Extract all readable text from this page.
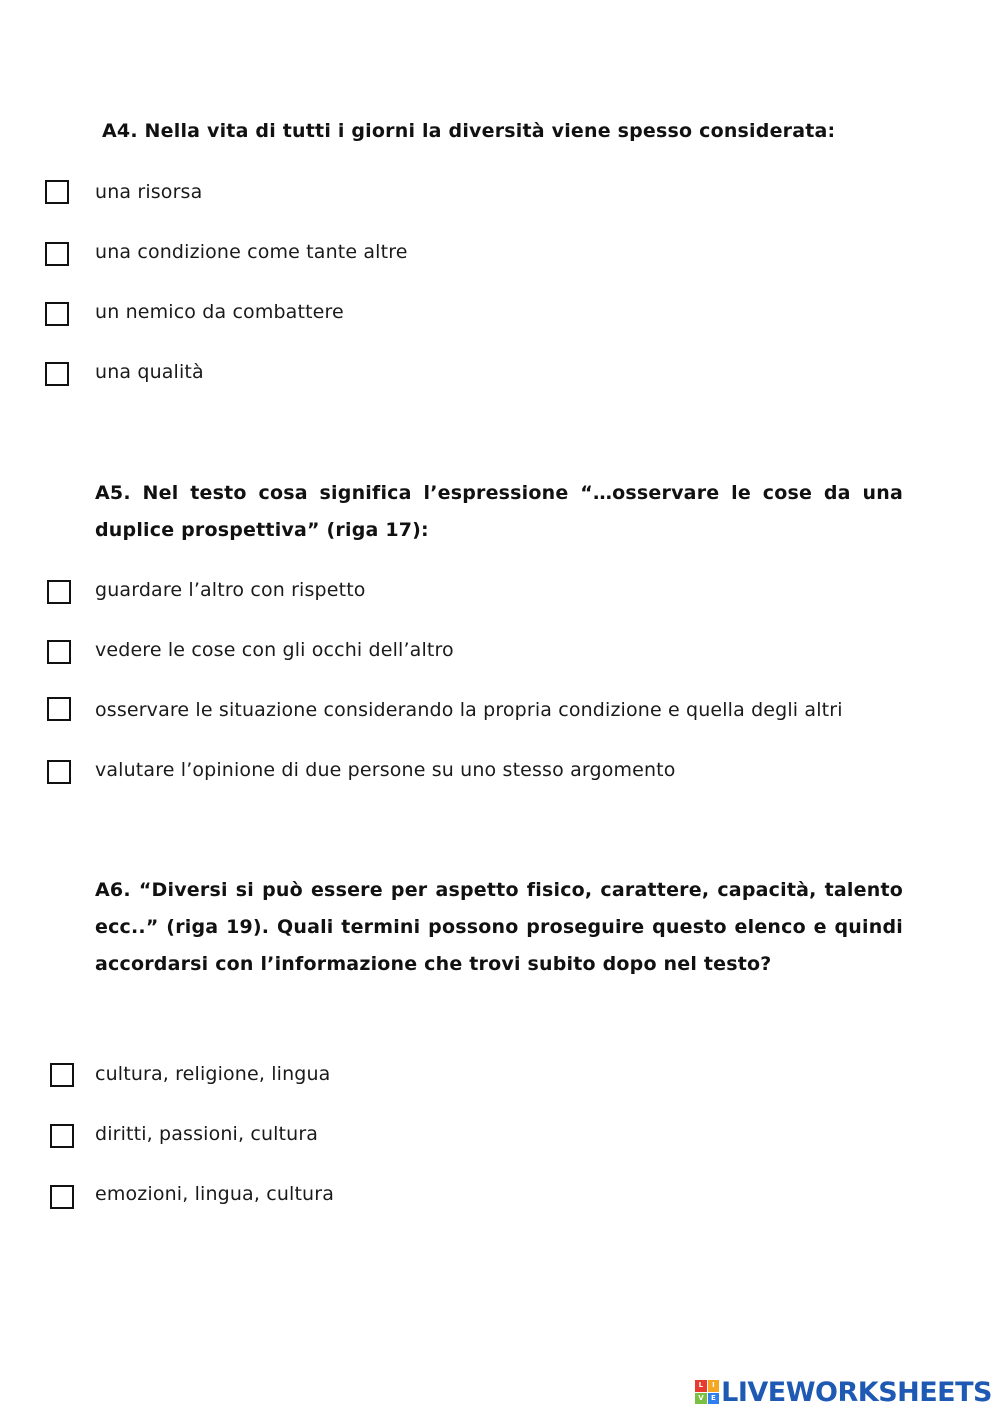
A4. Nella vita di tutti i giorni la diversità viene spesso considerata:
una risorsa
una condizione come tante altre
un nemico da combattere
una qualità
A5. Nel testo cosa significa l’espressione “…osservare le cose da una duplice prospettiva” (riga 17):
guardare l’altro con rispetto
vedere le cose con gli occhi dell’altro
osservare le situazione considerando la propria condizione e quella degli altri
valutare l’opinione di due persone su uno stesso argomento
A6. “Diversi si può essere per aspetto fisico, carattere, capacità, talento ecc..” (riga 19). Quali termini possono proseguire questo elenco e quindi accordarsi con l’informazione che trovi subito dopo nel testo?
cultura, religione, lingua
diritti, passioni, cultura
emozioni, lingua, cultura
L	I
V	E LIVEWORKSHEETS
